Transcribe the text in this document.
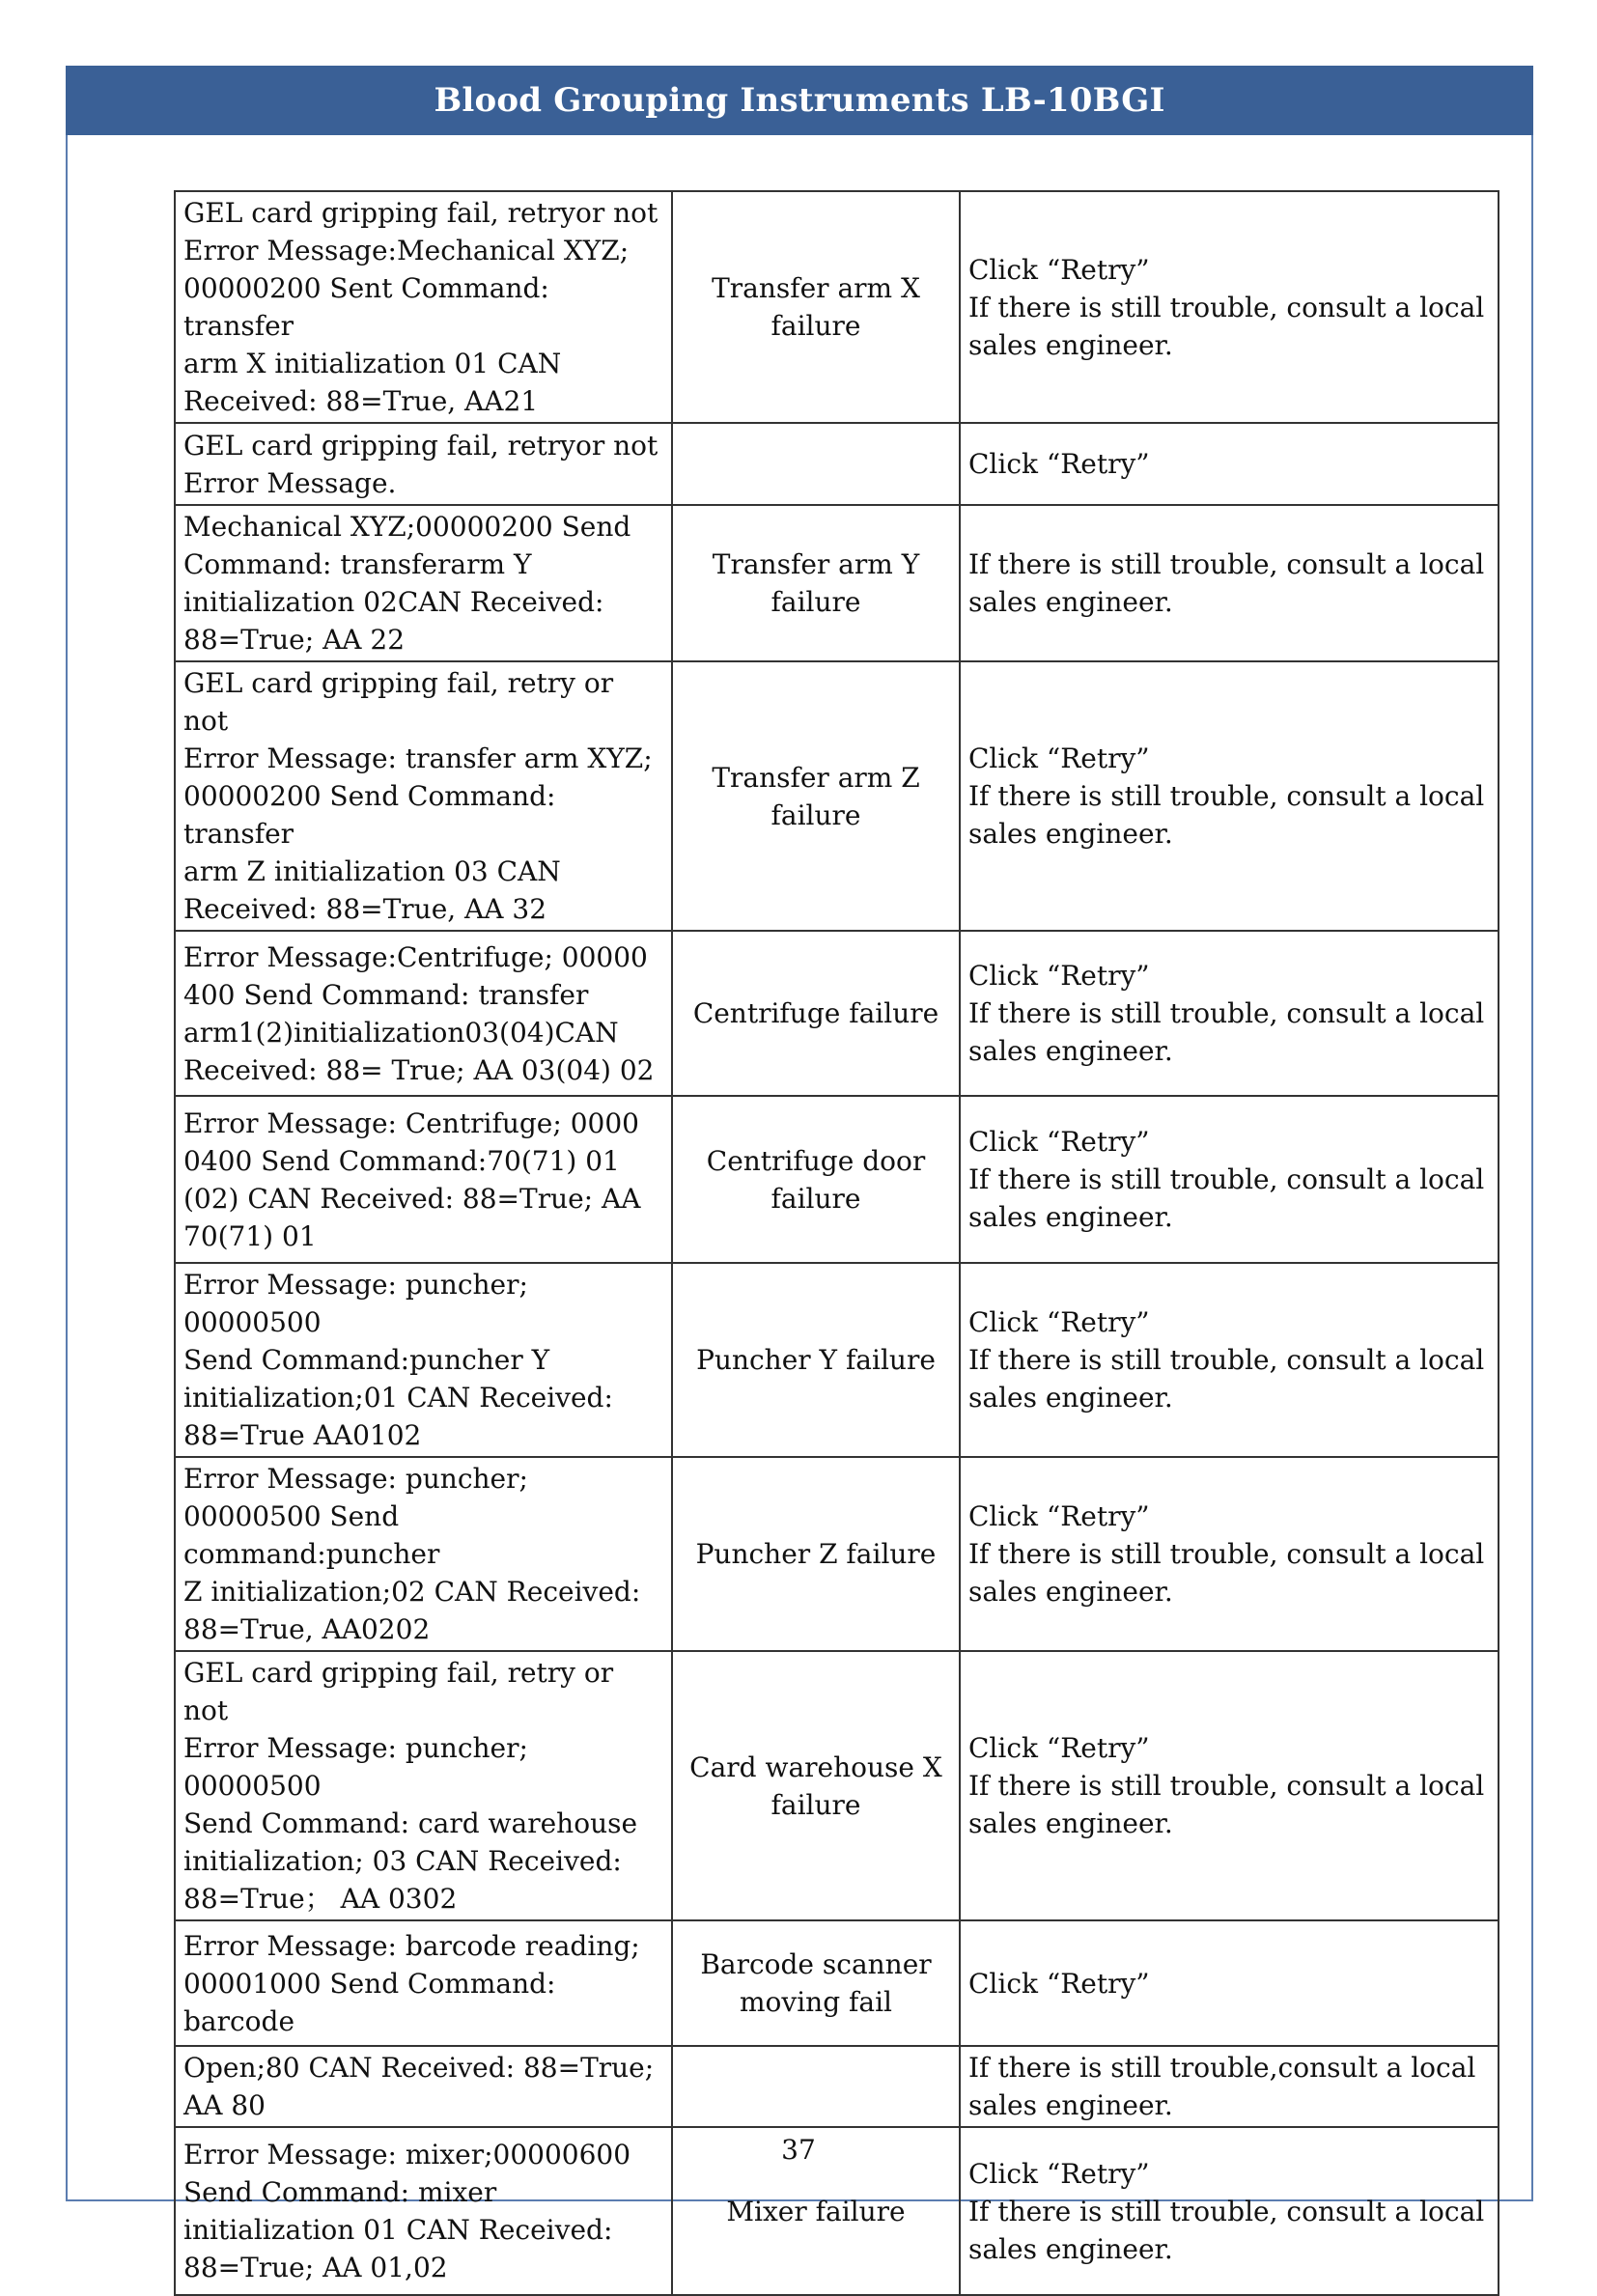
Blood Grouping Instruments LB-10BGI
GEL card gripping fail, retryor not
Error Message:Mechanical XYZ;
00000200 Sent Command: transfer
arm X initialization 01 CAN
Received: 88=True, AA21	Transfer arm X
failure	Click “Retry”
If there is still trouble, consult a local
sales engineer.

GEL card gripping fail, retryor not
Error Message.		Click “Retry”

Mechanical XYZ;00000200 Send
Command: transferarm Y
initialization 02CAN Received:
88=True; AA 22	Transfer arm Y
failure	If there is still trouble, consult a local
sales engineer.

GEL card gripping fail, retry or not
Error Message: transfer arm XYZ;
00000200 Send Command: transfer
arm Z initialization 03 CAN
Received: 88=True, AA 32	Transfer arm Z
failure	Click “Retry”
If there is still trouble, consult a local
sales engineer.

Error Message:Centrifuge; 00000
400 Send Command: transfer
arm1(2)initialization03(04)CAN
Received: 88= True; AA 03(04) 02	Centrifuge failure	Click “Retry”
If there is still trouble, consult a local
sales engineer.

Error Message: Centrifuge; 0000
0400 Send Command:70(71) 01
(02) CAN Received: 88=True; AA
70(71) 01	Centrifuge door
failure	Click “Retry”
If there is still trouble, consult a local
sales engineer.

Error Message: puncher; 00000500
Send Command:puncher Y
initialization;01 CAN Received:
88=True AA0102	Puncher Y failure	Click “Retry”
If there is still trouble, consult a local
sales engineer.

Error Message: puncher;
00000500 Send command:puncher
Z initialization;02 CAN Received:
88=True, AA0202	Puncher Z failure	Click “Retry”
If there is still trouble, consult a local
sales engineer.

GEL card gripping fail, retry or not
Error Message: puncher; 00000500
Send Command: card warehouse
initialization; 03 CAN Received:
88=True； AA 0302	Card warehouse X
failure	Click “Retry”
If there is still trouble, consult a local
sales engineer.

Error Message: barcode reading;
00001000 Send Command:
barcode	Barcode scanner
moving fail	Click “Retry”

Open;80 CAN Received: 88=True;
AA 80		If there is still trouble,consult a local
sales engineer.

Error Message: mixer;00000600
Send Command: mixer
initialization 01 CAN Received:
88=True; AA 01,02	Mixer failure	Click “Retry”
If there is still trouble, consult a local
sales engineer.
37
